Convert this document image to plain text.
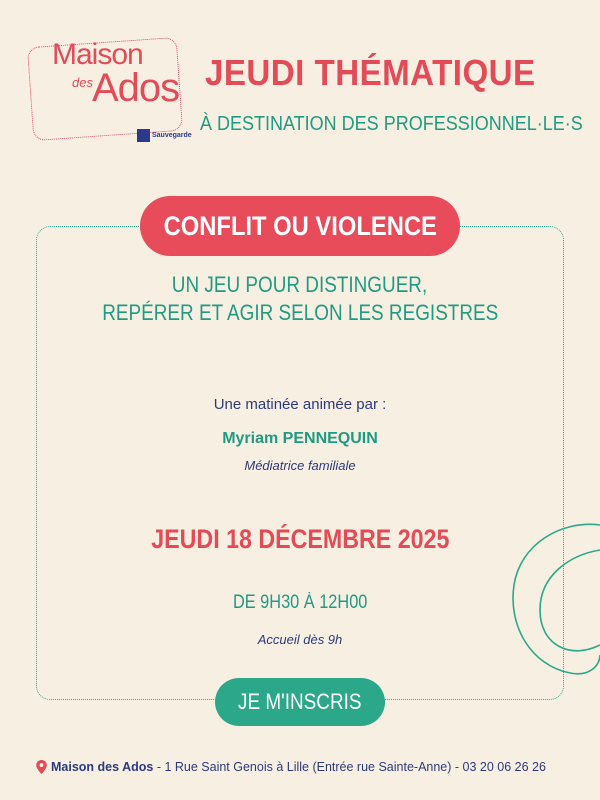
Maison
des Ados
Sauvegarde
JEUDI THÉMATIQUE
À DESTINATION DES PROFESSIONNEL·LE·S
CONFLIT OU VIOLENCE
UN JEU POUR DISTINGUER,
REPÉRER ET AGIR SELON LES REGISTRES
Une matinée animée par :
Myriam PENNEQUIN
Médiatrice familiale
JEUDI 18 DÉCEMBRE 2025
DE 9H30 À 12H00
Accueil dès 9h
JE M'INSCRIS
Maison des Ados - 1 Rue Saint Genois à Lille (Entrée rue Sainte-Anne) - 03 20 06 26 26
